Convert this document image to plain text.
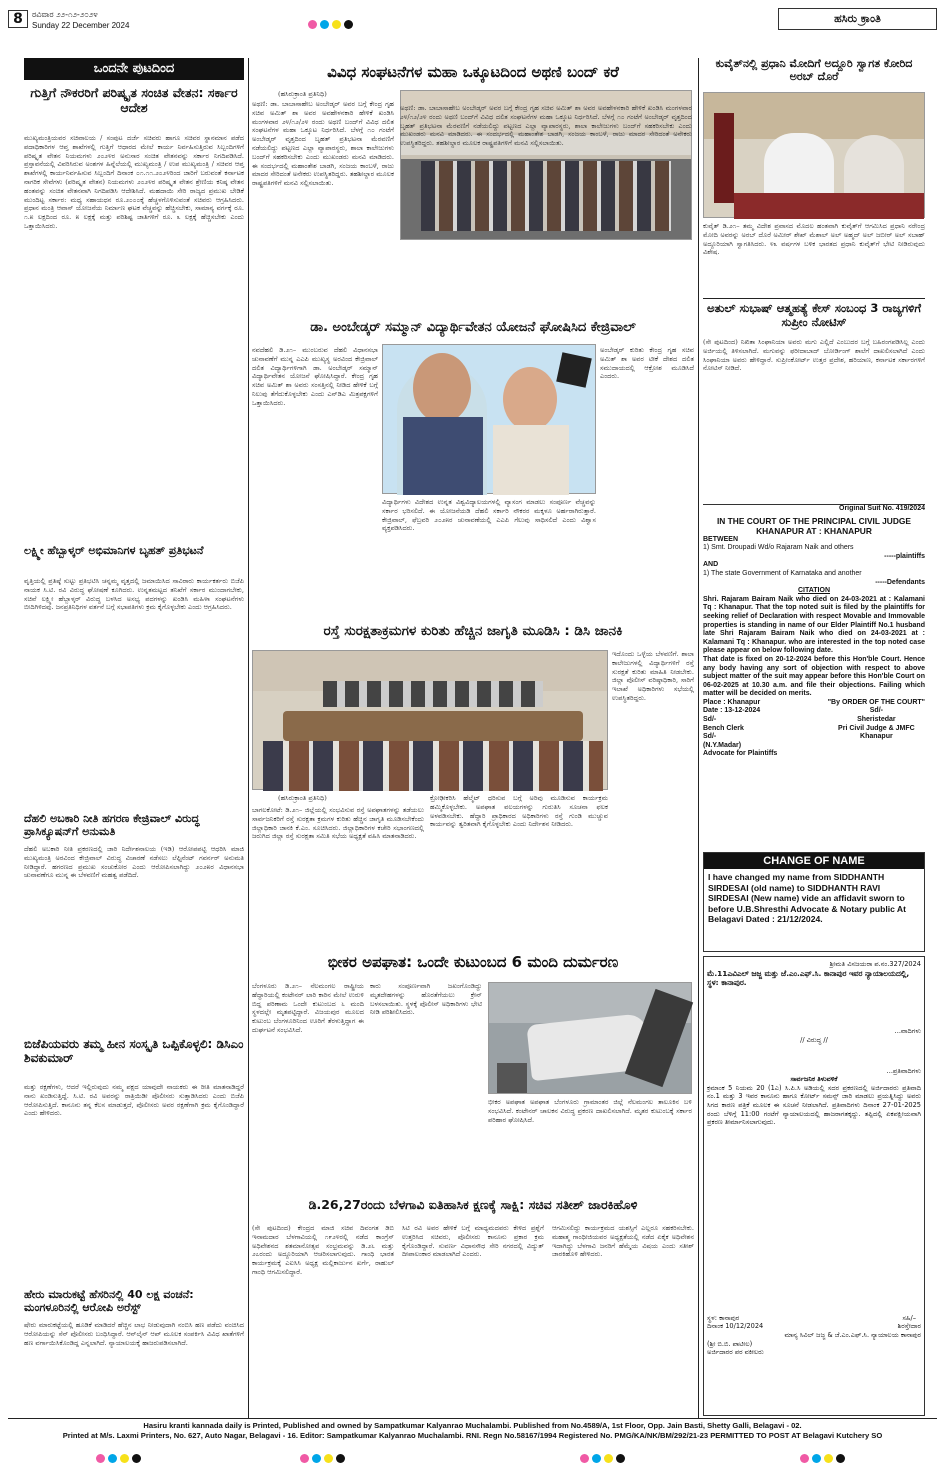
8	ರವಿವಾರ ೨೨-೧೨-೨೦೨೪
Sunday 22 December 2024
ಹಸಿರು ಕ್ರಾಂತಿ
ಒಂದನೇ ಪುಟದಿಂದ
ಗುತ್ತಿಗೆ ನೌಕರರಿಗೆ ಪರಿಷ್ಕೃತ ಸಂಚಿತ ವೇತನ: ಸರ್ಕಾರ ಆದೇಶ
ಮುಖ್ಯಮಂತ್ರಿಯವರ ಸಚಿವಾಲಯ / ಸಂಪುಟ ದರ್ಜೆ ಸಚಿವರು ಹಾಗೂ ಸಚಿವರ ಸ್ಥಾನಮಾನ ಪಡೆದ ಪದಾಧಿಕಾರಿಗಳ ಆಪ್ತ ಶಾಖೆಗಳಲ್ಲಿ ಗುತ್ತಿಗೆ ಆಧಾರದ ಮೇಲೆ ಕಾರ್ಯ ನಿರ್ವಹಿಸುತ್ತಿರುವ ಸಿಬ್ಬಂದಿಗಳಿಗೆ ಪರಿಷ್ಕೃತ ವೇತನ ನಿಯಮಗಳು ೨೦೨೪ರ ಅನುಸಾರ ಸಂಚಿತ ವೇತನವನ್ನು ಸರ್ಕಾರ ನಿಗದಿಪಡಿಸಿದೆ. ಪ್ರಸ್ತಾವನೆಯಲ್ಲಿ ವಿವರಿಸಿರುವ ಅಂಶಗಳ ಹಿನ್ನೆಲೆಯಲ್ಲಿ ಮುಖ್ಯಮಂತ್ರಿ / ಉಪ ಮುಖ್ಯಮಂತ್ರಿ / ಸಚಿವರ ಆಪ್ತ ಶಾಖೆಗಳಲ್ಲಿ ಕಾರ್ಯನಿರ್ವಹಿಸುವ ಸಿಬ್ಬಂದಿಗೆ ದಿನಾಂಕ ೦೧.೧೧.೨೦೨೪ರಿಂದ ಜಾರಿಗೆ ಬರುವಂತೆ ಕರ್ನಾಟಕ ನಾಗರಿಕ ಸೇವೆಗಳು (ಪರಿಷ್ಕೃತ ವೇತನ) ನಿಯಮಗಳು ೨೦೨೪ರ ಪರಿಷ್ಕೃತ ವೇತನ ಶ್ರೇಣಿಯ ಕನಿಷ್ಠ ವೇತನ ಹಂತವನ್ನು ಸಂಚಿತ ವೇತನವಾಗಿ ನಿಗದಿಪಡಿಸಿ ಆದೇಶಿಸಿದೆ. ಮಹದಾಯಿ ಸೇರಿ ರಾಜ್ಯದ ಪ್ರಮುಖ ಬೇಡಿಕೆ ಮುಂದಿಟ್ಟ ಸರ್ಕಾರ: ಮಧ್ಯ ಸಹಾಯಧನ ರೂ.೨೦೦೦ಕ್ಕೆ ಹೆಚ್ಚಳಗೊಳಿಸುವಂತೆ ಸಚಿವರು ಆಗ್ರಹಿಸಿದರು. ಪ್ರಧಾನ ಮಂತ್ರಿ ಆವಾಸ್ ಯೋಜನೆಯ ನಿರ್ಮಾಣ ಘಟಕ ವೆಚ್ಚವನ್ನು ಹೆಚ್ಚಿಸಬೇಕು, ಸಾಮಾನ್ಯ ವರ್ಗಕ್ಕೆ ರೂ. ೧.೫ ಲಕ್ಷದಿಂದ ರೂ. ೫ ಲಕ್ಷಕ್ಕೆ ಮತ್ತು ಪರಿಶಿಷ್ಟ ಜಾತಿಗಳಿಗೆ ರೂ. ೩ ಲಕ್ಷಕ್ಕೆ ಹೆಚ್ಚಿಸಬೇಕು ಎಂದು ಒತ್ತಾಯಿಸಿದರು.
ಲಕ್ಷ್ಮೀ ಹೆಬ್ಬಾಳ್ಕರ್ ಅಭಿಮಾನಿಗಳ ಬೃಹತ್ ಪ್ರತಿಭಟನೆ
ವೃತ್ತಿಯಲ್ಲಿ ಪ್ರತಿಷ್ಠೆ ಸುಟ್ಟು ಪ್ರತಿಭಟಿಸಿ ಚನ್ನಮ್ಮ ವೃತ್ತದಲ್ಲಿ ಜಮಾಯಿಸಿದ ಸಾವಿರಾರು ಕಾರ್ಯಕರ್ತರು ಬಿಜೆಪಿ ನಾಯಕ ಸಿ.ಟಿ. ರವಿ ವಿರುದ್ಧ ಘೋಷಣೆ ಕೂಗಿದರು. ಉನ್ನತಮಟ್ಟದ ತನಿಖೆಗೆ ಸರ್ಕಾರ ಮುಂದಾಗಬೇಕು, ಸಚಿವೆ ಲಕ್ಷ್ಮೀ ಹೆಬ್ಬಾಳ್ಕರ್ ವಿರುದ್ಧ ಬಳಸಿದ ಅಸಭ್ಯ ಪದಗಳನ್ನು ಖಂಡಿಸಿ ಮಹಿಳಾ ಸಂಘಟನೆಗಳು ಬೀದಿಗಿಳಿದವು. ಜನಪ್ರತಿನಿಧಿಗಳ ವರ್ತನೆ ಬಗ್ಗೆ ಸಭಾಪತಿಗಳು ಕ್ರಮ ಕೈಗೊಳ್ಳಬೇಕು ಎಂದು ಆಗ್ರಹಿಸಿದರು.
ದೆಹಲಿ ಅಬಕಾರಿ ನೀತಿ ಹಗರಣ ಕೇಜ್ರಿವಾಲ್ ವಿರುದ್ಧ ಪ್ರಾಸಿಕ್ಯೂಷನ್‌ಗೆ ಅನುಮತಿ
ದೆಹಲಿ ಅಬಕಾರಿ ನೀತಿ ಪ್ರಕರಣದಲ್ಲಿ ಜಾರಿ ನಿರ್ದೇಶನಾಲಯ (ಇಡಿ) ಆರೋಪಪಟ್ಟಿ ಆಧರಿಸಿ ಮಾಜಿ ಮುಖ್ಯಮಂತ್ರಿ ಅರವಿಂದ ಕೇಜ್ರಿವಾಲ್ ವಿರುದ್ಧ ವಿಚಾರಣೆ ನಡೆಸಲು ಲೆಫ್ಟಿನೆಂಟ್ ಗವರ್ನರ್ ಅನುಮತಿ ನೀಡಿದ್ದಾರೆ. ಹಗರಣದ ಪ್ರಮುಖ ಸಂಚುಕೋರ ಎಂದು ಆರೋಪಿಸಲಾಗಿದ್ದು ೨೦೨೫ರ ವಿಧಾನಸಭಾ ಚುನಾವಣೆಗೂ ಮುನ್ನ ಈ ಬೆಳವಣಿಗೆ ಮಹತ್ವ ಪಡೆದಿದೆ.
ಬಿಜೆಪಿಯವರು ತಮ್ಮ ಹೀನ ಸಂಸ್ಕೃತಿ ಒಪ್ಪಿಕೊಳ್ಳಲಿ: ಡಿಸಿಎಂ ಶಿವಕುಮಾರ್
ಮತ್ತು ರಕ್ಷಣೆಗಳು, ಆದರೆ ಇಲ್ಲಿರುವುದು ನಮ್ಮ ಪಕ್ಷದ ಯಾವುದೇ ನಾಯಕರು ಈ ರೀತಿ ಮಾತನಾಡಿದ್ದರೆ ನಾನು ಖಂಡಿಸುತ್ತಿದ್ದೆ. ಸಿ.ಟಿ. ರವಿ ಅವರನ್ನು ರಾತ್ರಿಯಿಡೀ ಪೊಲೀಸರು ಸುತ್ತಾಡಿಸಿದರು ಎಂದು ಬಿಜೆಪಿ ಆರೋಪಿಸುತ್ತಿದೆ. ಕಾನೂನು ತನ್ನ ಕೆಲಸ ಮಾಡುತ್ತದೆ, ಪೊಲೀಸರು ಅವರ ರಕ್ಷಣೆಗಾಗಿ ಕ್ರಮ ಕೈಗೊಂಡಿದ್ದಾರೆ ಎಂದು ಹೇಳಿದರು.
ಹೇರು ಮಾರುಕಟ್ಟೆ ಹೆಸರಿನಲ್ಲಿ 40 ಲಕ್ಷ ವಂಚನೆ: ಮಂಗಳೂರಿನಲ್ಲಿ ಆರೋಪಿ ಅರೆಸ್ಟ್
ಷೇರು ಮಾರುಕಟ್ಟೆಯಲ್ಲಿ ಹೂಡಿಕೆ ಮಾಡಿದರೆ ಹೆಚ್ಚಿನ ಲಾಭ ನೀಡುವುದಾಗಿ ನಂಬಿಸಿ ಹಣ ಪಡೆದು ವಂಚಿಸಿದ ಆರೋಪಿಯನ್ನು ಸೆನ್ ಪೊಲೀಸರು ಬಂಧಿಸಿದ್ದಾರೆ. ಆನ್‌ಲೈನ್ ಆಪ್ ಮೂಲಕ ಸಂಪರ್ಕಿಸಿ ವಿವಿಧ ಖಾತೆಗಳಿಗೆ ಹಣ ವರ್ಗಾಯಿಸಿಕೊಂಡಿದ್ದ ಎನ್ನಲಾಗಿದೆ. ನ್ಯಾಯಾಲಯಕ್ಕೆ ಹಾಜರುಪಡಿಸಲಾಗಿದೆ.
ವಿವಿಧ ಸಂಘಟನೆಗಳ ಮಹಾ ಒಕ್ಕೂಟದಿಂದ ಅಥಣಿ ಬಂದ್ ಕರೆ
(ಹಸಿರುಕ್ರಾಂತಿ ಪ್ರತಿನಿಧಿ)
ಅಥಣಿ: ಡಾ. ಬಾಬಾಸಾಹೇಬ ಅಂಬೇಡ್ಕರ್ ಅವರ ಬಗ್ಗೆ ಕೇಂದ್ರ ಗೃಹ ಸಚಿವ ಅಮಿತ್ ಶಾ ಅವರ ಅವಹೇಳನಕಾರಿ ಹೇಳಿಕೆ ಖಂಡಿಸಿ ಮಂಗಳವಾರ ೨೪/೧೨/೨೪ ರಂದು ಅಥಣಿ ಬಂದ್‌ಗೆ ವಿವಿಧ ದಲಿತ ಸಂಘಟನೆಗಳ ಮಹಾ ಒಕ್ಕೂಟ ನಿರ್ಧರಿಸಿದೆ. ಬೆಳಗ್ಗೆ ೧೦ ಗಂಟೆಗೆ ಅಂಬೇಡ್ಕರ್ ವೃತ್ತದಿಂದ ಬೃಹತ್ ಪ್ರತಿಭಟನಾ ಮೆರವಣಿಗೆ ನಡೆಯಲಿದ್ದು ಪಟ್ಟಣದ ಎಲ್ಲಾ ವ್ಯಾಪಾರಸ್ಥರು, ಶಾಲಾ ಕಾಲೇಜುಗಳು ಬಂದ್‌ಗೆ ಸಹಕರಿಸಬೇಕು ಎಂದು ಮುಖಂಡರು ಮನವಿ ಮಾಡಿದರು. ಈ ಸಂದರ್ಭದಲ್ಲಿ ಮಹಾಂತೇಶ ಬಾಡಗಿ, ಸಂಜಯ ಕಾಂಬಳೆ, ರಾಜು ಮಾದರ ಸೇರಿದಂತೆ ಅನೇಕರು ಉಪಸ್ಥಿತರಿದ್ದರು. ತಹಶೀಲ್ದಾರ ಮೂಲಕ ರಾಷ್ಟ್ರಪತಿಗಳಿಗೆ ಮನವಿ ಸಲ್ಲಿಸಲಾಯಿತು.
ಅಥಣಿ: ಡಾ. ಬಾಬಾಸಾಹೇಬ ಅಂಬೇಡ್ಕರ್ ಅವರ ಬಗ್ಗೆ ಕೇಂದ್ರ ಗೃಹ ಸಚಿವ ಅಮಿತ್ ಶಾ ಅವರ ಅವಹೇಳನಕಾರಿ ಹೇಳಿಕೆ ಖಂಡಿಸಿ ಮಂಗಳವಾರ ೨೪/೧೨/೨೪ ರಂದು ಅಥಣಿ ಬಂದ್‌ಗೆ ವಿವಿಧ ದಲಿತ ಸಂಘಟನೆಗಳ ಮಹಾ ಒಕ್ಕೂಟ ನಿರ್ಧರಿಸಿದೆ. ಬೆಳಗ್ಗೆ ೧೦ ಗಂಟೆಗೆ ಅಂಬೇಡ್ಕರ್ ವೃತ್ತದಿಂದ ಬೃಹತ್ ಪ್ರತಿಭಟನಾ ಮೆರವಣಿಗೆ ನಡೆಯಲಿದ್ದು ಪಟ್ಟಣದ ಎಲ್ಲಾ ವ್ಯಾಪಾರಸ್ಥರು, ಶಾಲಾ ಕಾಲೇಜುಗಳು ಬಂದ್‌ಗೆ ಸಹಕರಿಸಬೇಕು ಎಂದು ಮುಖಂಡರು ಮನವಿ ಮಾಡಿದರು. ಈ ಸಂದರ್ಭದಲ್ಲಿ ಮಹಾಂತೇಶ ಬಾಡಗಿ, ಸಂಜಯ ಕಾಂಬಳೆ, ರಾಜು ಮಾದರ ಸೇರಿದಂತೆ ಅನೇಕರು ಉಪಸ್ಥಿತರಿದ್ದರು. ತಹಶೀಲ್ದಾರ ಮೂಲಕ ರಾಷ್ಟ್ರಪತಿಗಳಿಗೆ ಮನವಿ ಸಲ್ಲಿಸಲಾಯಿತು.
ಡಾ. ಅಂಬೇಡ್ಕರ್ ಸಮ್ಮಾನ್ ವಿದ್ಯಾರ್ಥಿವೇತನ ಯೋಜನೆ ಘೋಷಿಸಿದ ಕೇಜ್ರಿವಾಲ್
ನವದೆಹಲಿ ಡಿ.೨೧– ಮುಂಬರುವ ದೆಹಲಿ ವಿಧಾನಸಭಾ ಚುನಾವಣೆಗೆ ಮುನ್ನ ಎಎಪಿ ಮುಖ್ಯಸ್ಥ ಅರವಿಂದ ಕೇಜ್ರಿವಾಲ್ ದಲಿತ ವಿದ್ಯಾರ್ಥಿಗಳಿಗಾಗಿ ಡಾ. ಅಂಬೇಡ್ಕರ್ ಸಮ್ಮಾನ್ ವಿದ್ಯಾರ್ಥಿವೇತನ ಯೋಜನೆ ಘೋಷಿಸಿದ್ದಾರೆ. ಕೇಂದ್ರ ಗೃಹ ಸಚಿವ ಅಮಿತ್ ಶಾ ಅವರು ಸಂಸತ್ತಿನಲ್ಲಿ ನೀಡಿದ ಹೇಳಿಕೆ ಬಗ್ಗೆ ನಿಲುವು ತೆಗೆದುಕೊಳ್ಳಬೇಕು ಎಂದು ಎನ್‌ಡಿಎ ಮಿತ್ರಪಕ್ಷಗಳಿಗೆ ಒತ್ತಾಯಿಸಿದರು.
ವಿದ್ಯಾರ್ಥಿಗಳು ವಿದೇಶದ ಉನ್ನತ ವಿಶ್ವವಿದ್ಯಾಲಯಗಳಲ್ಲಿ ವ್ಯಾಸಂಗ ಮಾಡಲು ಸಂಪೂರ್ಣ ವೆಚ್ಚವನ್ನು ಸರ್ಕಾರ ಭರಿಸಲಿದೆ. ಈ ಯೋಜನೆಯಡಿ ದೆಹಲಿ ಸರ್ಕಾರಿ ನೌಕರರ ಮಕ್ಕಳೂ ಅರ್ಹರಾಗಿರುತ್ತಾರೆ. ಕೇಜ್ರಿವಾಲ್, ಫೆಬ್ರವರಿ ೨೦೨೫ರ ಚುನಾವಣೆಯಲ್ಲಿ ಎಎಪಿ ಗೆಲುವು ಸಾಧಿಸಲಿದೆ ಎಂದು ವಿಶ್ವಾಸ ವ್ಯಕ್ತಪಡಿಸಿದರು.
ಅಂಬೇಡ್ಕರ್ ಕುರಿತು ಕೇಂದ್ರ ಗೃಹ ಸಚಿವ ಅಮಿತ್ ಶಾ ಅವರ ಟೀಕೆ ದೇಶದ ದಲಿತ ಸಮುದಾಯದಲ್ಲಿ ಆಕ್ರೋಶ ಮೂಡಿಸಿದೆ ಎಂದರು.
ರಸ್ತೆ ಸುರಕ್ಷತಾಕ್ರಮಗಳ ಕುರಿತು ಹೆಚ್ಚಿನ ಜಾಗೃತಿ ಮೂಡಿಸಿ : ಡಿಸಿ ಜಾನಕಿ
ಇದೊಂದು ಒಳ್ಳೆಯ ಬೆಳವಣಿಗೆ. ಶಾಲಾ ಕಾಲೇಜುಗಳಲ್ಲಿ ವಿದ್ಯಾರ್ಥಿಗಳಿಗೆ ರಸ್ತೆ ಸುರಕ್ಷತೆ ಕುರಿತು ಮಾಹಿತಿ ನೀಡಬೇಕು. ಜಿಲ್ಲಾ ಪೊಲೀಸ್ ವರಿಷ್ಠಾಧಿಕಾರಿ, ಸಾರಿಗೆ ಇಲಾಖೆ ಅಧಿಕಾರಿಗಳು ಸಭೆಯಲ್ಲಿ ಉಪಸ್ಥಿತರಿದ್ದರು.
(ಹಸಿರುಕ್ರಾಂತಿ ಪ್ರತಿನಿಧಿ)
ಬಾಗಲಕೋಟೆ: ಡಿ.೨೧– ಜಿಲ್ಲೆಯಲ್ಲಿ ಸಂಭವಿಸುವ ರಸ್ತೆ ಅಪಘಾತಗಳನ್ನು ತಡೆಯಲು ಸಾರ್ವಜನಿಕರಿಗೆ ರಸ್ತೆ ಸುರಕ್ಷತಾ ಕ್ರಮಗಳ ಕುರಿತು ಹೆಚ್ಚಿನ ಜಾಗೃತಿ ಮೂಡಿಸಬೇಕೆಂದು ಜಿಲ್ಲಾಧಿಕಾರಿ ಜಾನಕಿ ಕೆ.ಎಂ. ಸೂಚಿಸಿದರು. ಜಿಲ್ಲಾಧಿಕಾರಿಗಳ ಕಚೇರಿ ಸಭಾಂಗಣದಲ್ಲಿ ಜರುಗಿದ ಜಿಲ್ಲಾ ರಸ್ತೆ ಸುರಕ್ಷತಾ ಸಮಿತಿ ಸಭೆಯ ಅಧ್ಯಕ್ಷತೆ ವಹಿಸಿ ಮಾತನಾಡಿದರು.
ಕ್ರೋಢೀಕರಿಸಿ ಹೆಲ್ಮೆಟ್ ಧರಿಸುವ ಬಗ್ಗೆ ಅರಿವು ಮೂಡಿಸುವ ಕಾರ್ಯಕ್ರಮ ಹಮ್ಮಿಕೊಳ್ಳಬೇಕು. ಅಪಘಾತ ವಲಯಗಳನ್ನು ಗುರುತಿಸಿ ಸೂಚನಾ ಫಲಕ ಅಳವಡಿಸಬೇಕು. ಹೆದ್ದಾರಿ ಪ್ರಾಧಿಕಾರದ ಅಧಿಕಾರಿಗಳು ರಸ್ತೆ ಗುಂಡಿ ಮುಚ್ಚುವ ಕಾರ್ಯವನ್ನು ತ್ವರಿತವಾಗಿ ಕೈಗೊಳ್ಳಬೇಕು ಎಂದು ನಿರ್ದೇಶನ ನೀಡಿದರು.
ಭೀಕರ ಅಪಘಾತ: ಒಂದೇ ಕುಟುಂಬದ 6 ಮಂದಿ ದುರ್ಮರಣ
ಬೆಂಗಳೂರು ಡಿ.೨೧– ನೆಲಮಂಗಲ ರಾಷ್ಟ್ರೀಯ ಹೆದ್ದಾರಿಯಲ್ಲಿ ಕಂಟೇನರ್ ಲಾರಿ ಕಾರಿನ ಮೇಲೆ ಉರುಳಿ ಬಿದ್ದ ಪರಿಣಾಮ ಒಂದೇ ಕುಟುಂಬದ ೬ ಮಂದಿ ಸ್ಥಳದಲ್ಲೇ ಮೃತಪಟ್ಟಿದ್ದಾರೆ. ವಿಜಯಪುರ ಮೂಲದ ಕುಟುಂಬ ಬೆಂಗಳೂರಿನಿಂದ ಊರಿಗೆ ತೆರಳುತ್ತಿದ್ದಾಗ ಈ ದುರ್ಘಟನೆ ಸಂಭವಿಸಿದೆ.
ಕಾರು ಸಂಪೂರ್ಣವಾಗಿ ಜಖಂಗೊಂಡಿದ್ದು ಮೃತದೇಹಗಳನ್ನು ಹೊರತೆಗೆಯಲು ಕ್ರೇನ್ ಬಳಸಲಾಯಿತು. ಸ್ಥಳಕ್ಕೆ ಪೊಲೀಸ್ ಅಧಿಕಾರಿಗಳು ಭೇಟಿ ನೀಡಿ ಪರಿಶೀಲಿಸಿದರು.
ಭೀಕರ ಅಪಘಾತ ಅಪಘಾತ ಬೆಂಗಳೂರು ಗ್ರಾಮಾಂತರ ಜಿಲ್ಲೆ ನೆಲಮಂಗಲ ತಾಲೂಕಿನ ಬಳಿ ಸಂಭವಿಸಿದೆ. ಕಂಟೇನರ್ ಚಾಲಕನ ವಿರುದ್ಧ ಪ್ರಕರಣ ದಾಖಲಿಸಲಾಗಿದೆ. ಮೃತರ ಕುಟುಂಬಕ್ಕೆ ಸರ್ಕಾರ ಪರಿಹಾರ ಘೋಷಿಸಿದೆ.
ಡಿ.26,27ರಂದು ಬೆಳಗಾವಿ ಐತಿಹಾಸಿಕ ಕ್ಷಣಕ್ಕೆ ಸಾಕ್ಷಿ: ಸಚಿವ ಸತೀಶ್ ಜಾರಕಿಹೊಳಿ
(ಸೇ ಪುಟದಿಂದ) ಕೇಂದ್ರದ ಮಾಜಿ ಸಚಿವ ದಿವಂಗತ ಡಿಬಿ ಇನಾಮದಾರ ಬೆಳಗಾವಿಯಲ್ಲಿ ೧೯೨೪ರಲ್ಲಿ ನಡೆದ ಕಾಂಗ್ರೆಸ್ ಅಧಿವೇಶನದ ಶತಮಾನೋತ್ಸವ ಸಂಭ್ರಮವನ್ನು ಡಿ.೨೬ ಮತ್ತು ೨೭ರಂದು ಅದ್ದೂರಿಯಾಗಿ ಆಚರಿಸಲಾಗುವುದು. ಗಾಂಧಿ ಭಾರತ ಕಾರ್ಯಕ್ರಮಕ್ಕೆ ಎಐಸಿಸಿ ಅಧ್ಯಕ್ಷ ಮಲ್ಲಿಕಾರ್ಜುನ ಖರ್ಗೆ, ರಾಹುಲ್ ಗಾಂಧಿ ಆಗಮಿಸಲಿದ್ದಾರೆ.
ಸಿಟಿ ರವಿ ಅವರ ಹೇಳಿಕೆ ಬಗ್ಗೆ ಮಾಧ್ಯಮದವರು ಕೇಳಿದ ಪ್ರಶ್ನೆಗೆ ಉತ್ತರಿಸಿದ ಸಚಿವರು, ಪೊಲೀಸರು ಕಾನೂನು ಪ್ರಕಾರ ಕ್ರಮ ಕೈಗೊಂಡಿದ್ದಾರೆ. ಸುವರ್ಣ ವಿಧಾನಸೌಧ ಸೇರಿ ನಗರದಲ್ಲಿ ವಿದ್ಯುತ್ ದೀಪಾಲಂಕಾರ ಮಾಡಲಾಗಿದೆ ಎಂದರು.
ಆಗಮಿಸಲಿದ್ದು ಕಾರ್ಯಕ್ರಮದ ಯಶಸ್ಸಿಗೆ ಎಲ್ಲರೂ ಸಹಕರಿಸಬೇಕು. ಮಹಾತ್ಮ ಗಾಂಧೀಜಿಯವರ ಅಧ್ಯಕ್ಷತೆಯಲ್ಲಿ ನಡೆದ ಏಕೈಕ ಅಧಿವೇಶನ ಇದಾಗಿದ್ದು ಬೆಳಗಾವಿ ಜನರಿಗೆ ಹೆಮ್ಮೆಯ ವಿಷಯ ಎಂದು ಸತೀಶ್ ಜಾರಕಿಹೊಳಿ ಹೇಳಿದರು.
ಕುವೈತ್‌ನಲ್ಲಿ ಪ್ರಧಾನಿ ಮೋದಿಗೆ ಅದ್ದೂರಿ ಸ್ವಾಗತ ಕೋರಿದ ಅರಬ್ ದೊರೆ
ಕುವೈತ್ ಡಿ.೨೧– ತಮ್ಮ ವಿದೇಶ ಪ್ರವಾಸದ ಮೊದಲ ಹಂತವಾಗಿ ಕುವೈತ್‌ಗೆ ಆಗಮಿಸಿದ ಪ್ರಧಾನಿ ನರೇಂದ್ರ ಮೋದಿ ಅವರನ್ನು ಅರಬ್ ದೊರೆ ಅಮೀರ್ ಶೇಖ್ ಮೆಶಾಲ್ ಅಲ್ ಅಹ್ಮದ್ ಅಲ್ ಜಬೀರ್ ಅಲ್ ಸಬಾಹ್ ಅದ್ದೂರಿಯಾಗಿ ಸ್ವಾಗತಿಸಿದರು. ೪೩ ವರ್ಷಗಳ ಬಳಿಕ ಭಾರತದ ಪ್ರಧಾನಿ ಕುವೈತ್‌ಗೆ ಭೇಟಿ ನೀಡಿರುವುದು ವಿಶೇಷ.
ಅತುಲ್ ಸುಭಾಷ್ ಆತ್ಮಹತ್ಯೆ ಕೇಸ್ ಸಂಬಂಧ 3 ರಾಜ್ಯಗಳಿಗೆ ಸುಪ್ರೀಂ ನೋಟಿಸ್
(ಸೇ ಪುಟದಿಂದ) ನಿಖಿತಾ ಸಿಂಘಾನಿಯಾ ಅವರು ಮಗು ಎಲ್ಲಿದೆ ಎಂಬುದರ ಬಗ್ಗೆ ಬಹಿರಂಗಪಡಿಸಿಲ್ಲ ಎಂದು ಅರ್ಜಿಯಲ್ಲಿ ತಿಳಿಸಲಾಗಿದೆ. ಮಗುವನ್ನು ಫರೀದಾಬಾದ್ ಬೋರ್ಡಿಂಗ್ ಶಾಲೆಗೆ ದಾಖಲಿಸಲಾಗಿದೆ ಎಂದು ಸಿಂಘಾನಿಯಾ ಅವರು ಹೇಳಿದ್ದಾರೆ. ಸುಪ್ರೀಂಕೋರ್ಟ್ ಉತ್ತರ ಪ್ರದೇಶ, ಹರಿಯಾಣ, ಕರ್ನಾಟಕ ಸರ್ಕಾರಗಳಿಗೆ ನೋಟಿಸ್ ನೀಡಿದೆ.
Original Suit No. 419/2024
IN THE COURT OF THE PRINCIPAL CIVIL JUDGE KHANAPUR AT : KHANAPUR
BETWEEN
1) Smt. Droupadi Wd/o Rajaram Naik and others
-----plaintiffs
AND
1) The state Government of Karnataka and another
-----Defendants
CITATION
Shri. Rajaram Bairam Naik who died on 24-03-2021 at : Kalamani Tq : Khanapur. That the top noted suit is filed by the plaintiffs for seeking relief of Declaration with respect Movable and Immovable properties is standing in name of our Elder Plaintiff No.1 husband late Shri Rajaram Bairam Naik who died on 24-03-2021 at : Kalamani Tq : Khanapur. who are interested in the top noted case please appear on below following date.
That date is fixed on 20-12-2024 before this Hon'ble Court. Hence any body having any sort of objection with respect to above subject matter of the suit may appear before this Hon'ble Court on 06-02-2025 at 10.30 a.m. and file their objections. Failing which matter will be decided on merits.
Place : Khanapur
Date : 13-12-2024
Sd/-
Bench Clerk
Sd/-
(N.Y.Madar)
Advocate for Plaintiffs
"By ORDER OF THE COURT"
Sd/-
Sheristedar
Pri Civil Judge & JMFC
Khanapur
CHANGE OF NAME
I have changed my name from SIDDHANTH SIRDESAI (old name) to SIDDHANTH RAVI SIRDESAI (New name) vide an affidavit sworn to before U.B.Shresthi Advocate & Notary public At Belagavi Dated : 21/12/2024.
ಶ್ರೀಮತಿ ವಿಸಜಯರಾ ಪ.ನಂ.327/2024
ಮೆ.11ಎವಿಎಲ್ ಜಜ್ಜ ಮತ್ತು ಜೆ.ಎಂ.ಎಫ್.ಸಿ. ಕಾನಾಪುರ ಇವರ ನ್ಯಾಯಾಲಯದಲ್ಲಿ, ಸ್ಥಳ: ಕಾನಾಪುರ.
...ವಾದಿಗಳು
// ವಿರುದ್ಧ //
...ಪ್ರತಿವಾದಿಗಳು
ಸಾರ್ವಜನಿಕ ತಿಳುವಳಿಕೆ
ಕ್ರಮಾಂಕ 5 ನಿಯಮ 20 (1ಎ) ಸಿ.ಪಿ.ಸಿ ಅಡಿಯಲ್ಲಿ ಸದರ ಪ್ರಕರಣದಲ್ಲಿ ಅರ್ಜಿದಾರರು ಪ್ರತಿವಾದಿ ನಂ.1 ಮತ್ತು 3 ಇವರ ಕಾನೂನು ಹಾಗೂ ಕೋರ್ಟ್ ಸಮನ್ಸ್ ಜಾರಿ ಮಾಡಲು ಪ್ರಯತ್ನಿಸಿದ್ದು ಅವರು ಸಿಗದ ಕಾರಣ ಪತ್ರಿಕೆ ಮೂಲಕ ಈ ಸೂಚನೆ ನೀಡಲಾಗಿದೆ. ಪ್ರತಿವಾದಿಗಳು ದಿನಾಂಕ 27-01-2025 ರಂದು ಬೆಳಿಗ್ಗೆ 11:00 ಗಂಟೆಗೆ ನ್ಯಾಯಾಲಯದಲ್ಲಿ ಹಾಜರಾಗತಕ್ಕದ್ದು. ತಪ್ಪಿದಲ್ಲಿ ಏಕಪಕ್ಷೀಯವಾಗಿ ಪ್ರಕರಣ ತೀರ್ಮಾನಿಸಲಾಗುವುದು.
ಸ್ಥಳ: ಕಾನಾಪುರ
ದಿನಾಂಕ 10/12/2024
ಸಹಿ/–
ಶಿರಸ್ತೇದಾರ
ಮಾನ್ಯ ಸಿವಿಲ್ ಜಜ್ಜ & ಜೆ.ಎಂ.ಎಫ್.ಸಿ. ನ್ಯಾಯಾಲಯ ಕಾನಾಪುರ
(ಶ್ರೀ ಬಿ.ಬಿ. ಪಾಟೀಲ)
ಅರ್ಜಿದಾರರ ಪರ ವಕೀಲರು
Hasiru kranti kannada daily is Printed, Published and owned by Sampatkumar Kalyanrao Muchalambi. Published from No.4589/A, 1st Floor, Opp. Jain Basti, Shetty Galli, Belagavi - 02.
Printed at M/s. Laxmi Printers, No. 627, Auto Nagar, Belagavi - 16. Editor: Sampatkumar Kalyanrao Muchalambi. RNI. Regn No.58167/1994 Registered No. PMG/KA/NK/BM/292/21-23 PERMITTED TO POST AT Belagavi Kutchery SO
